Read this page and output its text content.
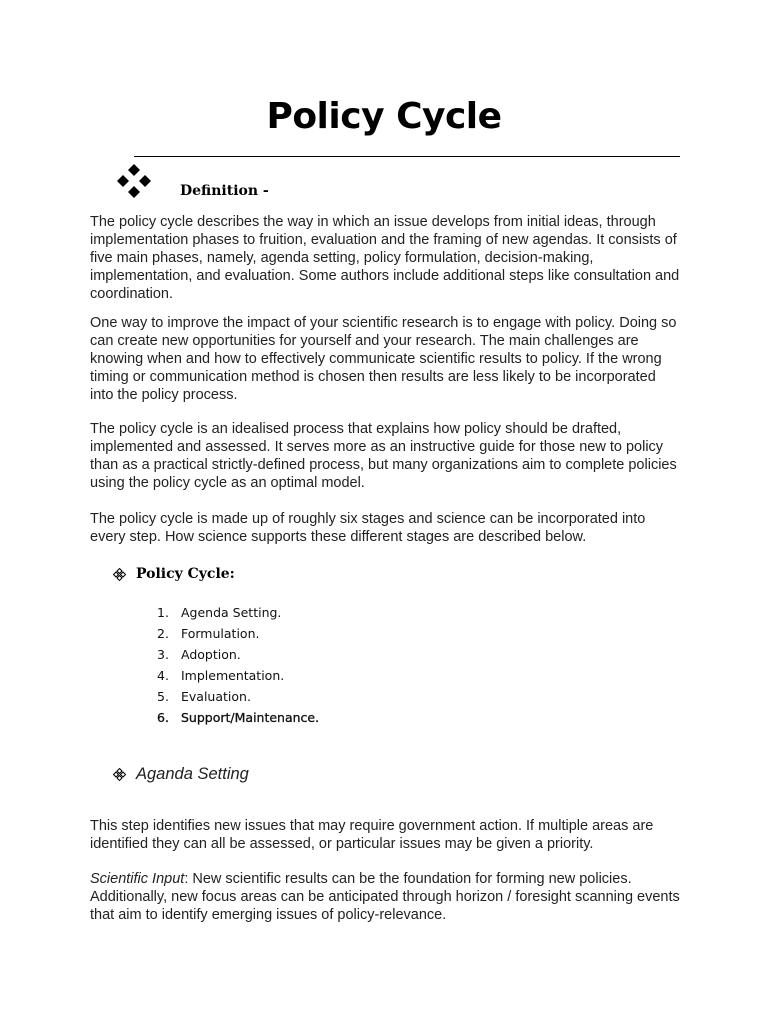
Policy Cycle
Definition -

The policy cycle describes the way in which an issue develops from initial ideas, through implementation phases to fruition, evaluation and the framing of new agendas. It consists of five main phases, namely, agenda setting, policy formulation, decision-making, implementation, and evaluation. Some authors include additional steps like consultation and coordination.

One way to improve the impact of your scientific research is to engage with policy. Doing so can create new opportunities for yourself and your research. The main challenges are knowing when and how to effectively communicate scientific results to policy. If the wrong timing or communication method is chosen then results are less likely to be incorporated into the policy process.

The policy cycle is an idealised process that explains how policy should be drafted, implemented and assessed. It serves more as an instructive guide for those new to policy than as a practical strictly-defined process, but many organizations aim to complete policies using the policy cycle as an optimal model.

The policy cycle is made up of roughly six stages and science can be incorporated into every step. How science supports these different stages are described below.

Policy Cycle:
1. Agenda Setting.
2. Formulation.
3. Adoption.
4. Implementation.
5. Evaluation.
6. Support/Maintenance.
Aganda Setting

This step identifies new issues that may require government action. If multiple areas are identified they can all be assessed, or particular issues may be given a priority.

Scientific Input: New scientific results can be the foundation for forming new policies. Additionally, new focus areas can be anticipated through horizon / foresight scanning events that aim to identify emerging issues of policy-relevance.
